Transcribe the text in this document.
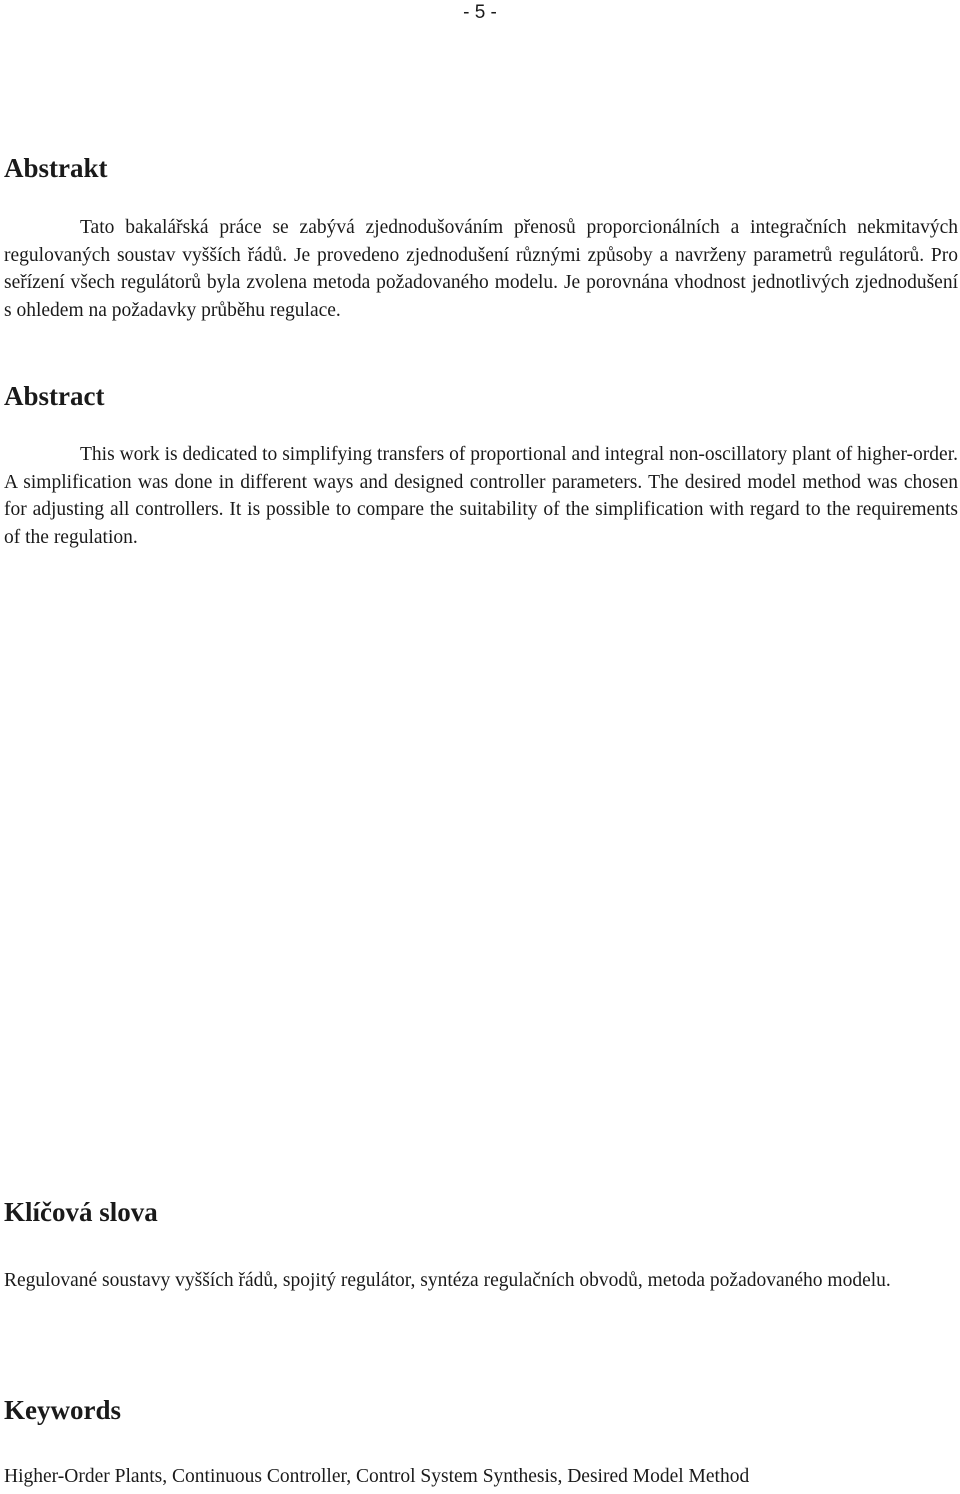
- 5 -
Abstrakt

Tato bakalářská práce se zabývá zjednodušováním přenosů proporcionálních a integračních nekmitavých regulovaných soustav vyšších řádů. Je provedeno zjednodušení různými způsoby a navrženy parametrů regulátorů. Pro seřízení všech regulátorů byla zvolena metoda požadovaného modelu. Je porovnána vhodnost jednotlivých zjednodušení s ohledem na požadavky průběhu regulace.

Abstract

This work is dedicated to simplifying transfers of proportional and integral non-oscillatory plant of higher-order. A simplification was done in different ways and designed controller parameters. The desired model method was chosen for adjusting all controllers. It is possible to compare the suitability of the simplification with regard to the requirements of the regulation.

Klíčová slova

Regulované soustavy vyšších řádů, spojitý regulátor, syntéza regulačních obvodů, metoda požadovaného modelu.

Keywords

Higher-Order Plants, Continuous Controller, Control System Synthesis, Desired Model Method
